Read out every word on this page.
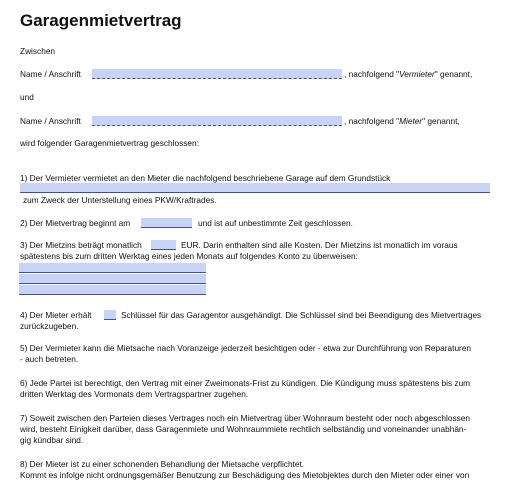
Garagenmietvertrag
Zwischen
Name / Anschrift	, nachfolgend "Vermieter" genannt,
und
Name / Anschrift	, nachfolgend "Mieter" genannt,
wird folgender Garagenmietvertrag geschlossen:
1) Der Vermieter vermietet an den Mieter die nachfolgend beschriebene Garage auf dem Grundstück
zum Zweck der Unterstellung eines PKW/Kraftrades.
2) Der Mietvertrag beginnt am	und ist auf unbestimmte Zeit geschlossen.
3) Der Mietzins beträgt monatlich	EUR. Darin enthalten sind alle Kosten. Der Mietzins ist monatlich im voraus
spätestens bis zum dritten Werktag eines jeden Monats auf folgendes Konto zu überweisen:
4) Der Mieter erhält	Schlüssel für das Garagentor ausgehändigt. Die Schlüssel sind bei Beendigung des Mietvertrages
zurückzugeben.
5) Der Vermieter kann die Mietsache nach Voranzeige jederzeit besichtigen oder - etwa zur Durchführung von Reparaturen
- auch betreten.
6) Jede Partei ist berechtigt, den Vertrag mit einer Zweimonats-Frist zu kündigen. Die Kündigung muss spätestens bis zum
dritten Werktag des Vormonats dem Vertragspartner zugehen.
7) Soweit zwischen den Parteien dieses Vertrages noch ein Mietvertrag über Wohnraum besteht oder noch abgeschlossen
wird, besteht Einigkeit darüber, dass Garagenmiete und Wohnraummiete rechtlich selbständig und voneinander unabhän-
gig kündbar sind.
8) Der Mieter ist zu einer schonenden Behandlung der Mietsache verpflichtet.
Kommt es infolge nicht ordnungsgemäßer Benutzung zur Beschädigung des Mietobjektes durch den Mieter oder einer von
